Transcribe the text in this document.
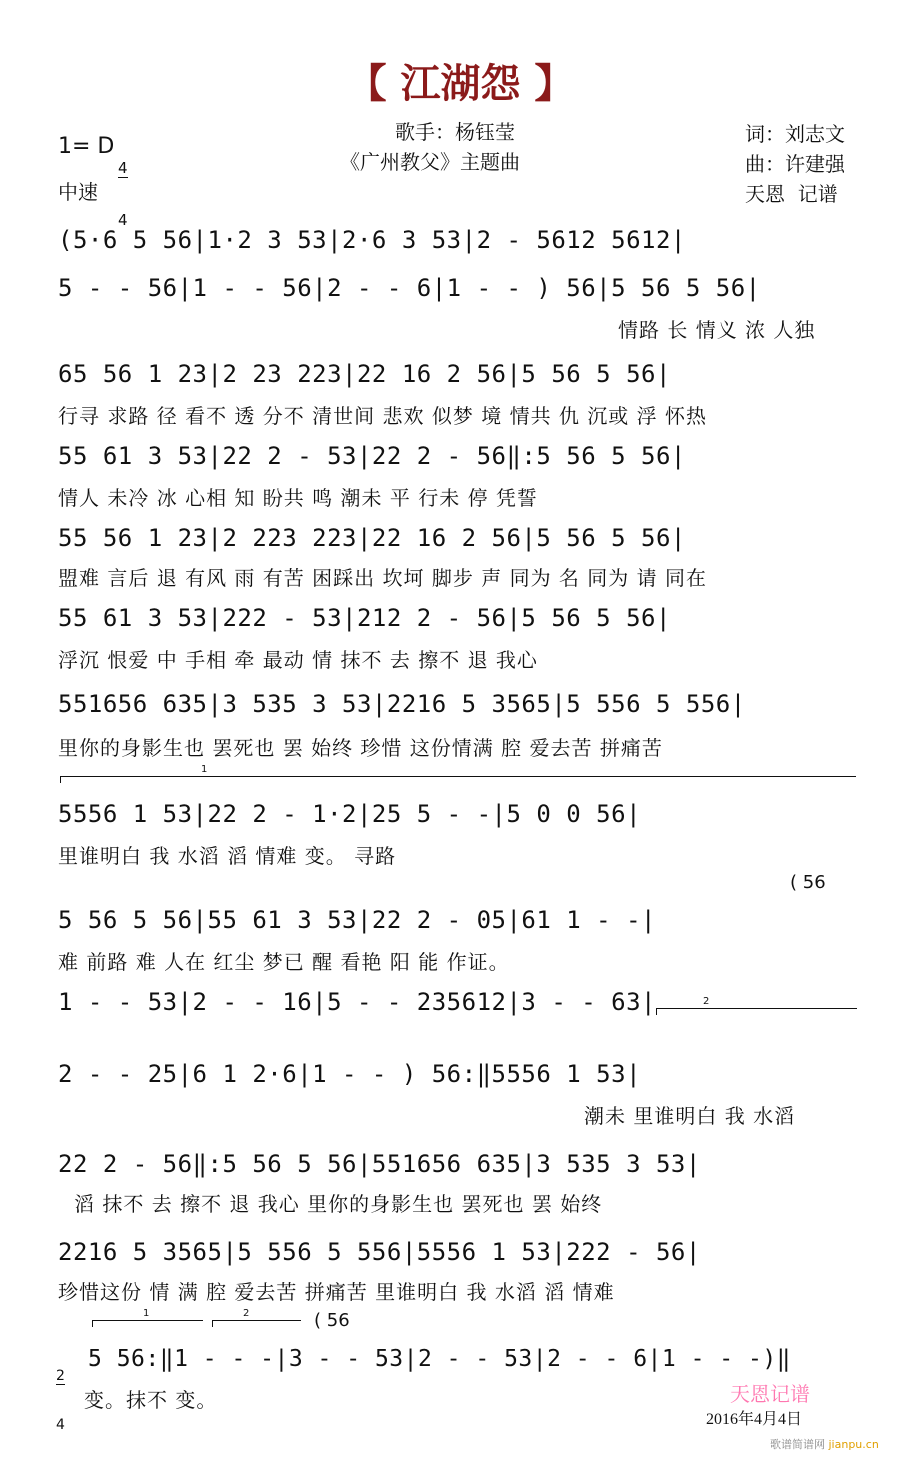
【 江湖怨 】
歌手：杨钰莹
《广州教父》主题曲
词：刘志文
曲：许建强
天恩  记谱
1= D

4

4

中速
(5·6 5 56|1·2 3 53|2·6 3 53|2 - 5612 5612|
5 - - 56|1 - - 56|2 - - 6|1 - - ) 56|5 56 5 56|
情路 长 情义 浓 人独
65 56 1 23|2 23 223|22 16 2 56|5 56 5 56|
行寻 求路 径 看不 透 分不 清世间 悲欢 似梦 境 情共 仇 沉或 浮 怀热
55 61 3 53|22 2 - 53|22 2 - 56‖:5 56 5 56|
情人 未冷 冰 心相 知 盼共 鸣 潮未 平 行未 停 凭誓
55 56 1 23|2 223 223|22 16 2 56|5 56 5 56|
盟难 言后 退 有风 雨 有苦 困踩出 坎坷 脚步 声 同为 名 同为 请 同在
55 61 3 53|222 - 53|212 2 - 56|5 56 5 56|
浮沉 恨爱 中 手相 牵 最动 情 抹不 去 擦不 退 我心
551656 635|3 535 3 53|2216 5 3565|5 556 5 556|
里你的身影生也 罢死也 罢 始终 珍惜 这份情满 腔 爱去苦 拼痛苦
1
5556 1 53|22 2 - 1·2|25 5 - -|5 0 0 56|
里谁明白 我 水滔 滔 情难 变。 寻路
( 56
5 56 5 56|55 61 3 53|22 2 - 05|61 1 - -|
难 前路 难 人在 红尘 梦已 醒 看艳 阳 能 作证。
1 - - 53|2 - - 16|5 - - 235612|3 - - 63|	2
2 - - 25|6 1 2·6|1 - - ) 56:‖5556 1 53|
潮未 里谁明白 我 水滔
22 2 - 56‖:5 56 5 56|551656 635|3 535 3 53|
滔 抹不 去 擦不 退 我心 里你的身影生也 罢死也 罢 始终
2216 5 3565|5 556 5 556|5556 1 53|222 - 56|
珍惜这份 情 满 腔 爱去苦 拼痛苦 里谁明白 我 水滔 滔 情难
1	2	( 56

2

4

5 56:‖1 - - -|3 - - 53|2 - - 53|2 - - 6|1 - - -)‖
变。抹不 变。	天恩记谱
2016年4月4日
歌谱简谱网 jianpu.cn
